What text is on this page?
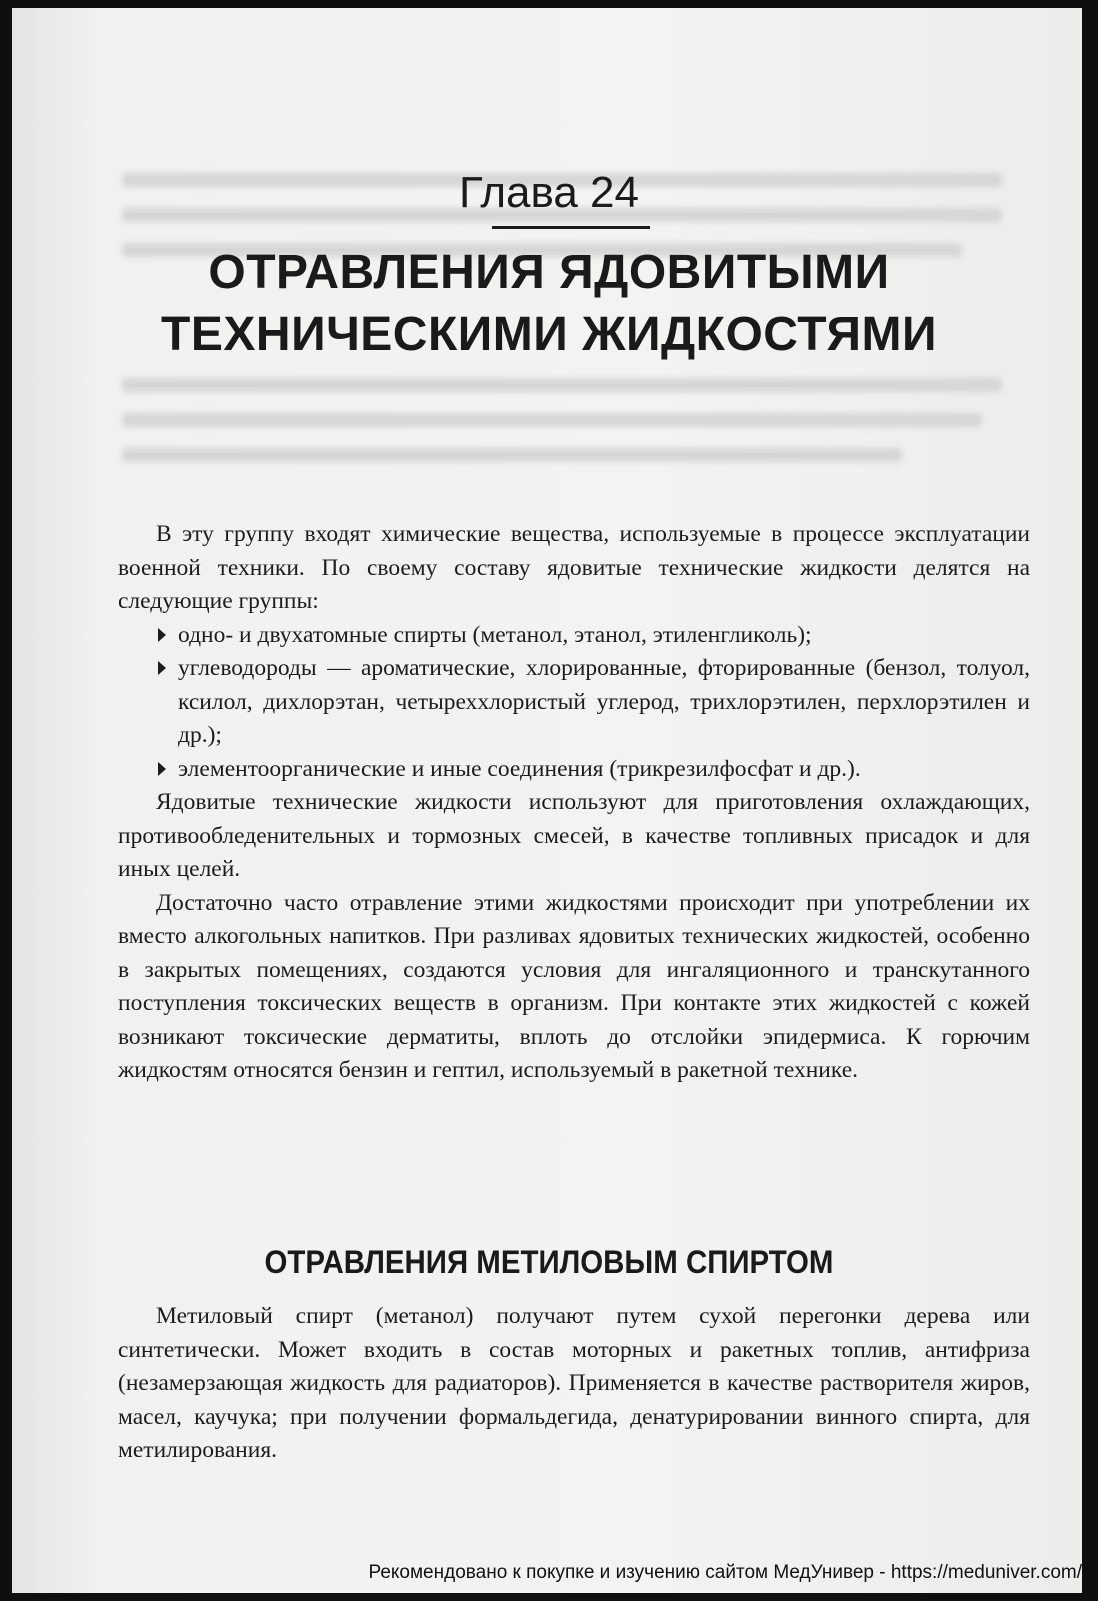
Глава 24
ОТРАВЛЕНИЯ ЯДОВИТЫМИ
ТЕХНИЧЕСКИМИ ЖИДКОСТЯМИ

В эту группу входят химические вещества, используемые в процессе эксплуатации военной техники. По своему составу ядовитые технические жидкости делятся на следующие группы:

одно- и двухатомные спирты (метанол, этанол, этиленгликоль);
углеводороды — ароматические, хлорированные, фторированные (бензол, толуол, ксилол, дихлорэтан, четыреххлористый углерод, трихлорэтилен, перхлорэтилен и др.);
элементоорганические и иные соединения (трикрезилфосфат и др.).

Ядовитые технические жидкости используют для приготовления охлаждающих, противообледенительных и тормозных смесей, в качестве топливных присадок и для иных целей.

Достаточно часто отравление этими жидкостями происходит при употреблении их вместо алкогольных напитков. При разливах ядовитых технических жидкостей, особенно в закрытых помещениях, создаются условия для ингаляционного и транскутанного поступления токсических веществ в организм. При контакте этих жидкостей с кожей возникают токсические дерматиты, вплоть до отслойки эпидермиса. К горючим жидкостям относятся бензин и гептил, используемый в ракетной технике.

ОТРАВЛЕНИЯ МЕТИЛОВЫМ СПИРТОМ

Метиловый спирт (метанол) получают путем сухой перегонки дерева или синтетически. Может входить в состав моторных и ракетных топлив, антифриза (незамерзающая жидкость для радиаторов). Применяется в качестве растворителя жиров, масел, каучука; при получении формальдегида, денатурировании винного спирта, для метилирования.

Рекомендовано к покупке и изучению сайтом МедУнивер - https://meduniver.com/
